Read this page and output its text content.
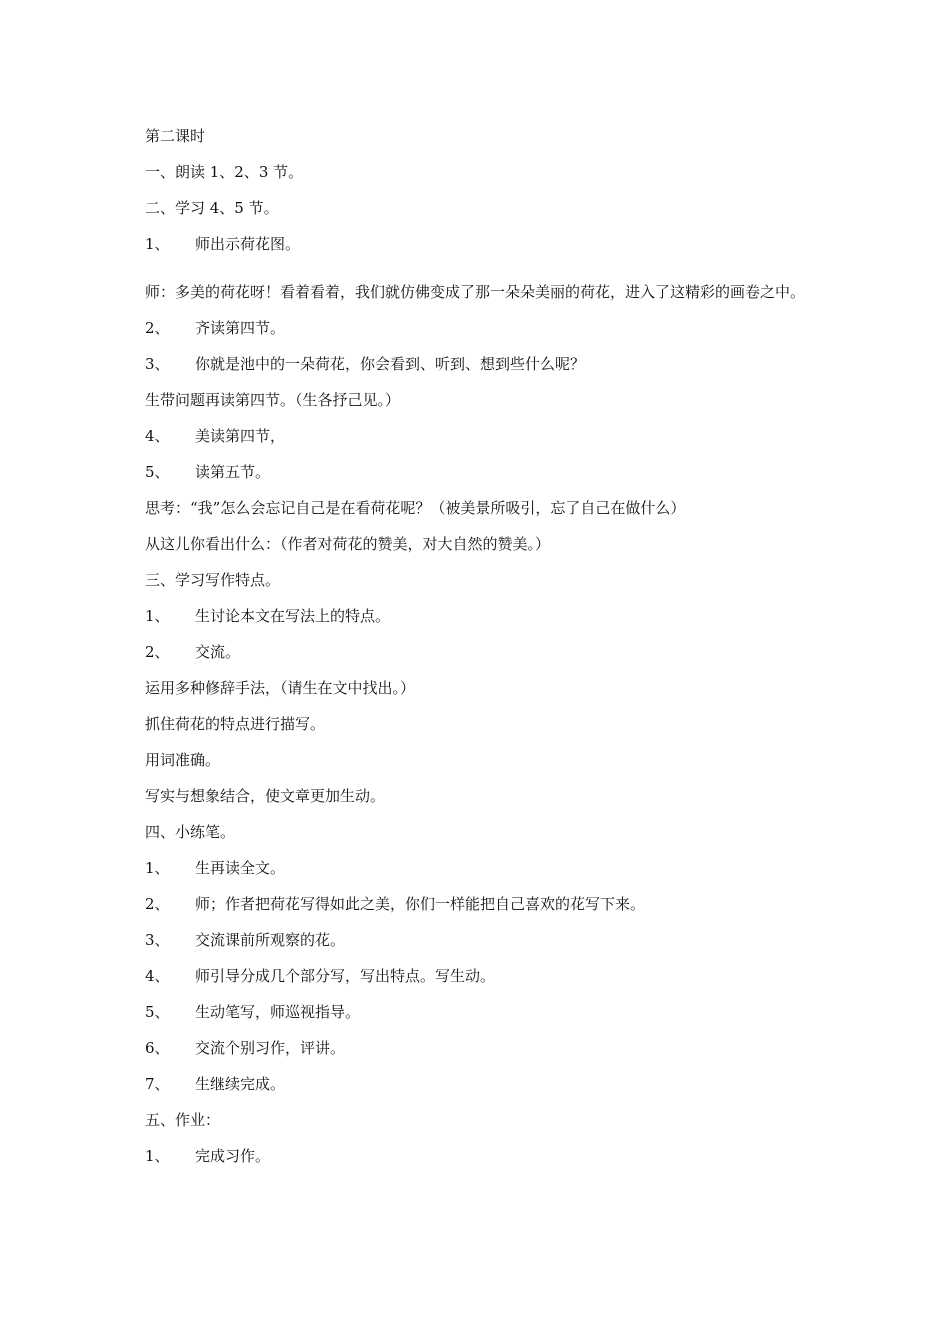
第二课时
一、朗读 1、2、3 节。
二、学习 4、5 节。
1、 师出示荷花图。
师：多美的荷花呀！看着看着，我们就仿佛变成了那一朵朵美丽的荷花，进入了这精彩的画卷之中。
2、 齐读第四节。
3、 你就是池中的一朵荷花，你会看到、听到、想到些什么呢？
生带问题再读第四节。（生各抒己见。）
4、 美读第四节，
5、 读第五节。
思考：“我”怎么会忘记自己是在看荷花呢？（被美景所吸引，忘了自己在做什么）
从这儿你看出什么：（作者对荷花的赞美，对大自然的赞美。）
三、学习写作特点。
1、 生讨论本文在写法上的特点。
2、 交流。
运用多种修辞手法，（请生在文中找出。）
抓住荷花的特点进行描写。
用词准确。
写实与想象结合，使文章更加生动。
四、小练笔。
1、 生再读全文。
2、 师；作者把荷花写得如此之美，你们一样能把自己喜欢的花写下来。
3、 交流课前所观察的花。
4、 师引导分成几个部分写，写出特点。写生动。
5、 生动笔写，师巡视指导。
6、 交流个别习作，评讲。
7、 生继续完成。
五、作业：
1、 完成习作。
